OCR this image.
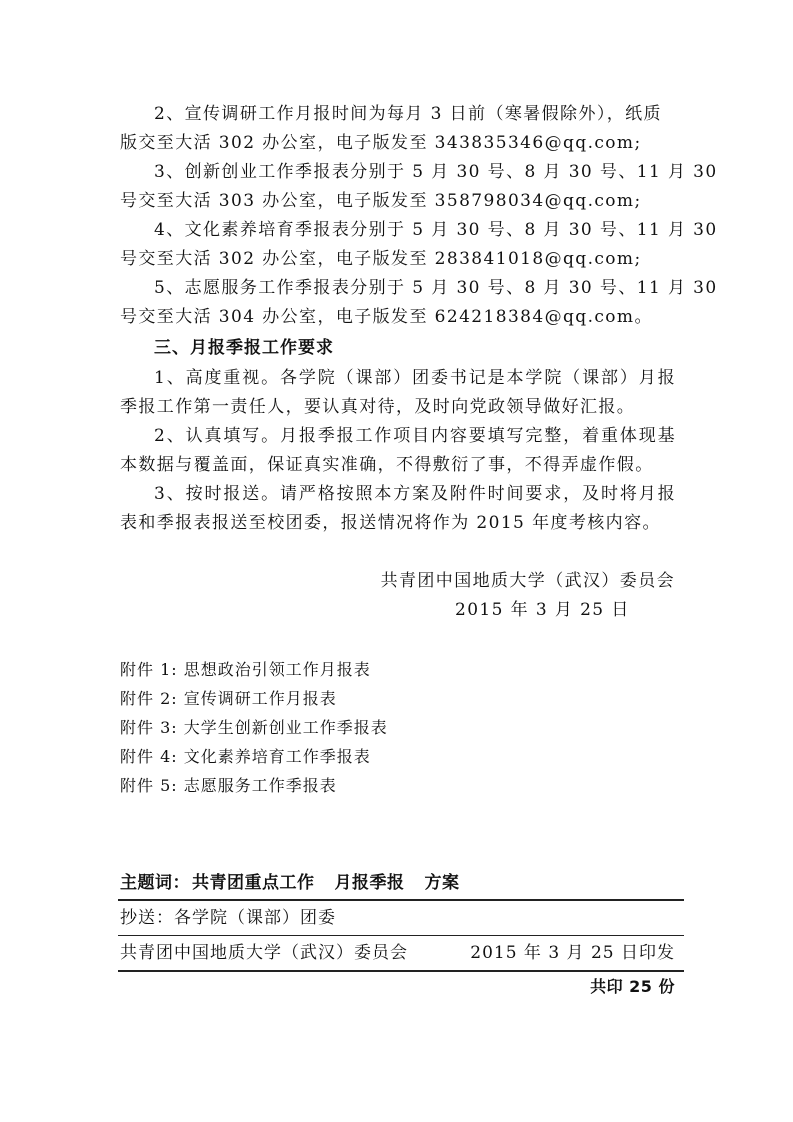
2、宣传调研工作月报时间为每月 3 日前（寒暑假除外），纸质
版交至大活 302 办公室，电子版发至 343835346@qq.com;
3、创新创业工作季报表分别于 5 月 30 号、8 月 30 号、11 月 30
号交至大活 303 办公室，电子版发至 358798034@qq.com;
4、文化素养培育季报表分别于 5 月 30 号、8 月 30 号、11 月 30
号交至大活 302 办公室，电子版发至 283841018@qq.com;
5、志愿服务工作季报表分别于 5 月 30 号、8 月 30 号、11 月 30
号交至大活 304 办公室，电子版发至 624218384@qq.com。
三、月报季报工作要求
1、高度重视。各学院（课部）团委书记是本学院（课部）月报
季报工作第一责任人，要认真对待，及时向党政领导做好汇报。
2、认真填写。月报季报工作项目内容要填写完整，着重体现基
本数据与覆盖面，保证真实准确，不得敷衍了事，不得弄虚作假。
3、按时报送。请严格按照本方案及附件时间要求，及时将月报
表和季报表报送至校团委，报送情况将作为 2015 年度考核内容。
共青团中国地质大学（武汉）委员会
2015 年 3 月 25 日
附件 1: 思想政治引领工作月报表
附件 2: 宣传调研工作月报表
附件 3: 大学生创新创业工作季报表
附件 4: 文化素养培育工作季报表
附件 5: 志愿服务工作季报表
主题词： 共青团重点工作 月报季报 方案
抄送：各学院（课部）团委
共青团中国地质大学（武汉）委员会	2015 年 3 月 25 日印发
共印 25 份
